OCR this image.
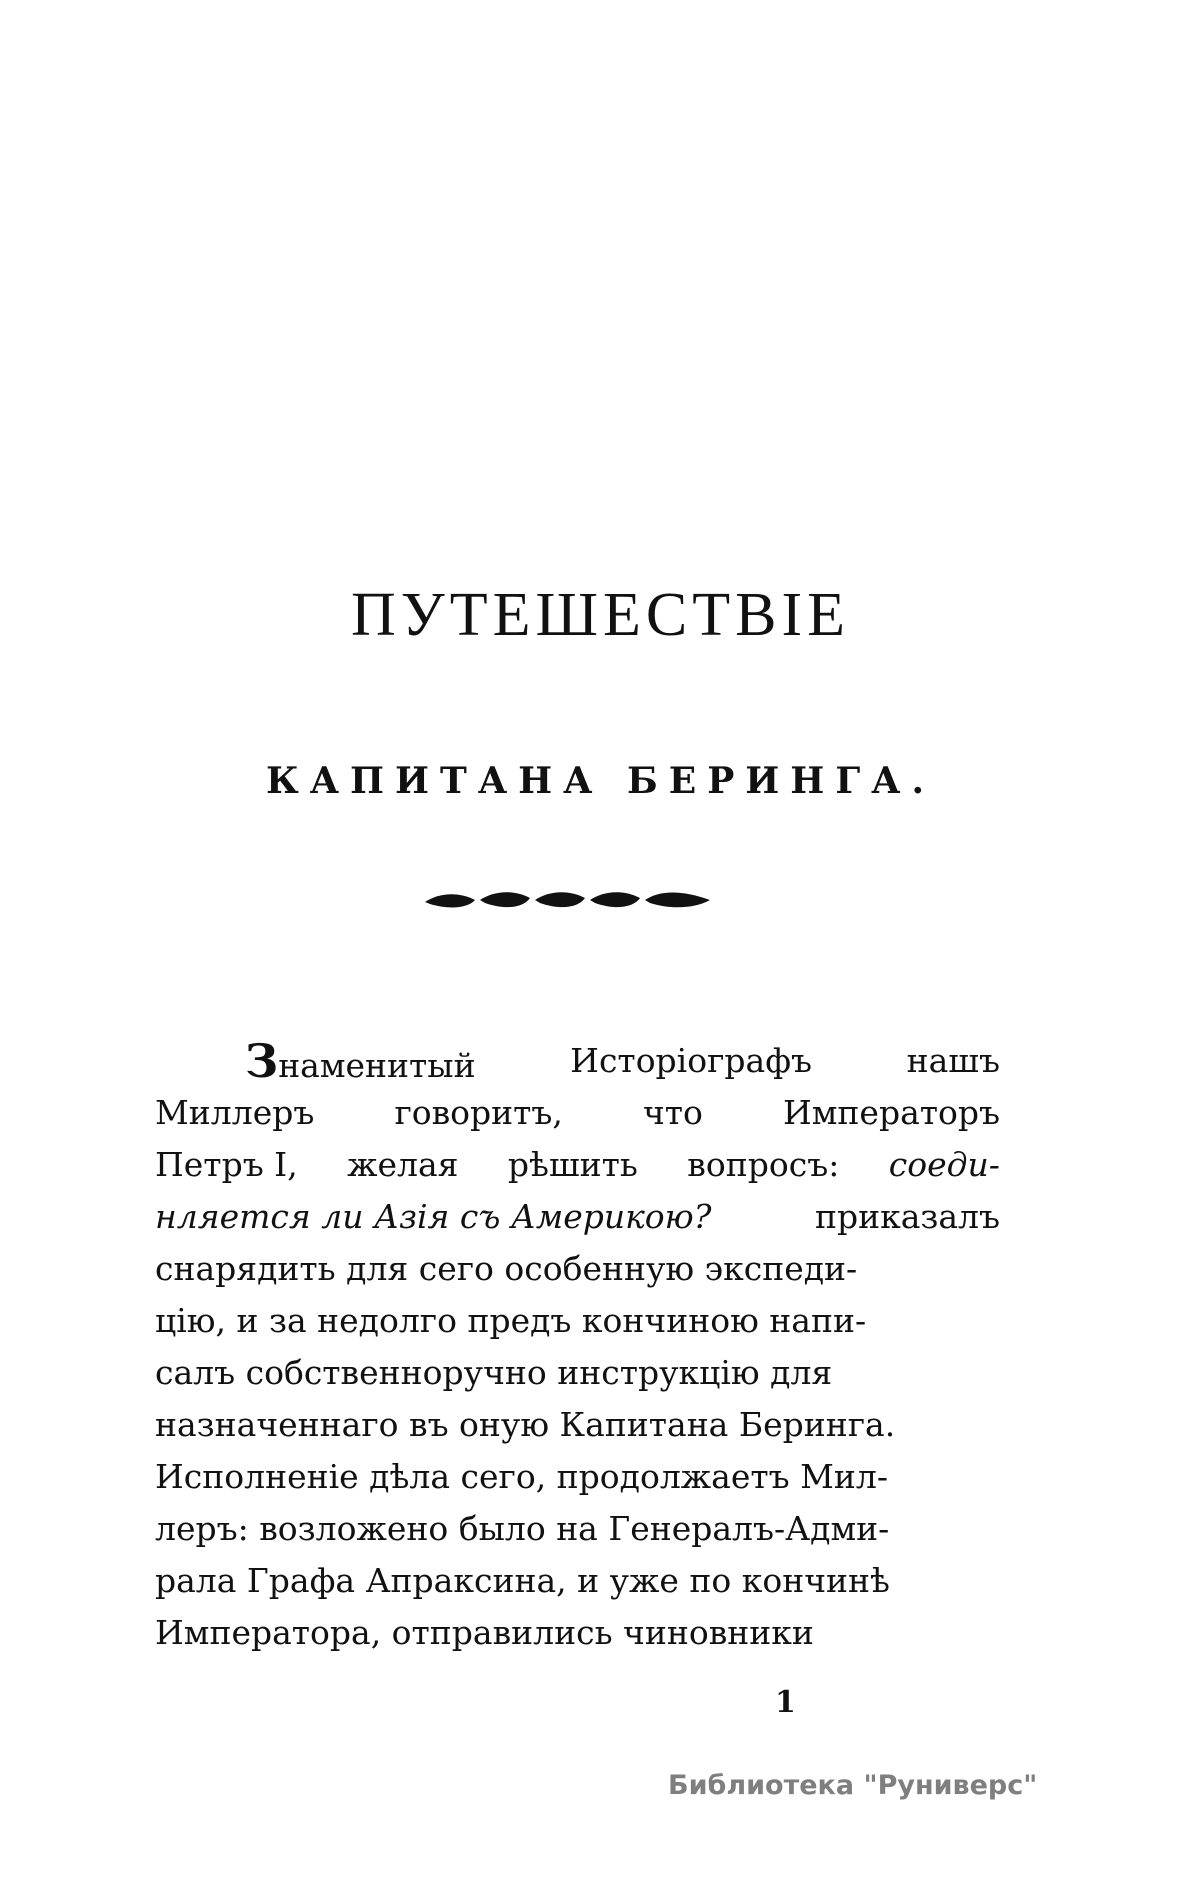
ПУТЕШЕСТВІЕ
КАПИТАНА БЕРИНГА.
Знаменитый	Исторіографъ	нашъ
Миллеръ говоритъ, что Императоръ
Петръ I, желая рѣшить вопросъ: соеди-
нляется ли Азія съ Америкою?	приказалъ
снарядить для сего особенную экспеди-
цію, и за недолго предъ кончиною напи-
салъ собственноручно инструкцію для
назначеннаго въ оную Капитана Беринга.
Исполненіе дѣла сего, продолжаетъ Мил-
леръ: возложено было на Генералъ-Адми-
рала Графа Апраксина, и уже по кончинѣ
Императора, отправились чиновники
1
Библиотека "Руниверс"
